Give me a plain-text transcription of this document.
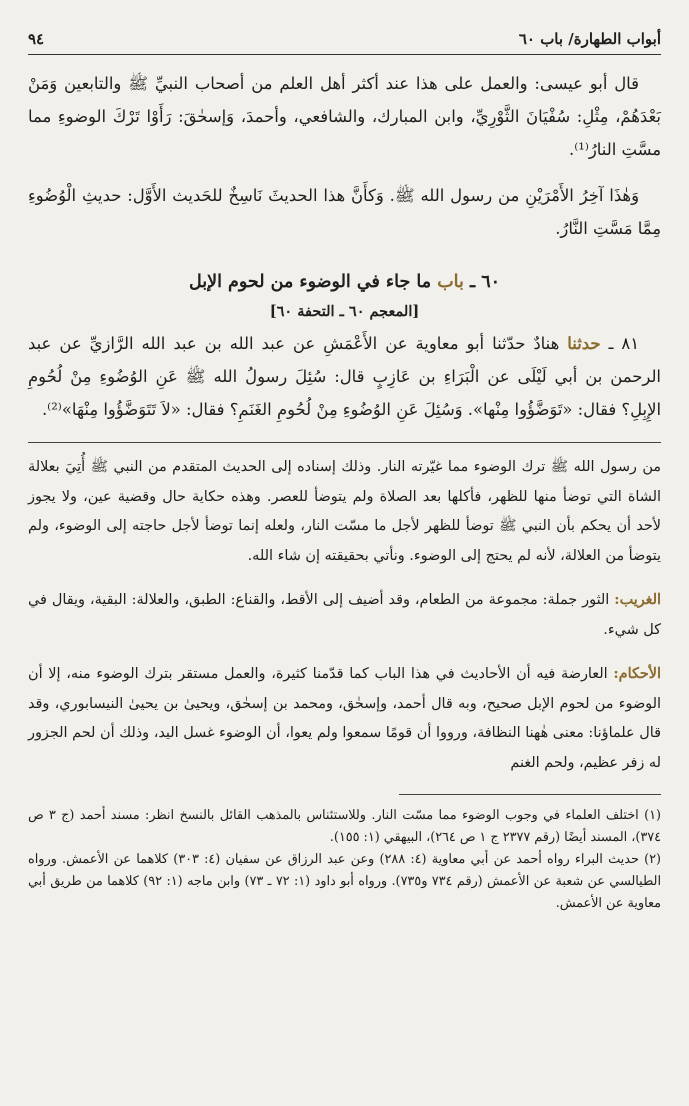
٩٤	أبواب الطهارة/ باب ٦٠

قال أبو عيسى: والعمل على هذا عند أكثر أهل العلم من أصحاب النبيِّ ﷺ والتابعين وَمَنْ بَعْدَهُمْ، مِثْلِ: سُفْيَانَ الثَّوْرِيِّ، وابن المبارك، والشافعي، وأحمدَ، وَإسحٰقَ: رَأَوْا تَرْكَ الوضوءِ مما مسَّتِ النارُ⁽¹⁾.

وَهٰذَا آخِرُ الأَمْرَيْنِ من رسول الله ﷺ. وَكأَنَّ هذا الحديثَ نَاسِخٌ للحَديث الأَوَّل: حديثِ الْوُضُوءِ مِمَّا مَسَّتِ النَّارُ.

٦٠ ـ باب ما جاء في الوضوء من لحوم الإبل
[المعجم ٦٠ ـ التحفة ٦٠]

٨١ ـ حدثنا هنادٌ حدّثنا أبو معاوية عن الأَعْمَشِ عن عبد الله بن عبد الله الرَّازيِّ عن عبد الرحمن بن أبي لَيْلَى عن الْبَرَاءِ بن عَازِبٍ قال: سُئِلَ رسولُ الله ﷺ عَنِ الوُضُوءِ مِنْ لُحُومِ الإِبِلِ؟ فقال: «تَوَضَّؤُوا مِنْها». وَسُئِلَ عَنِ الوُضُوءِ مِنْ لُحُومِ الغَنَمِ؟ فقال: «لاَ تَتَوَضَّؤُوا مِنْهَا»⁽²⁾.

من رسول الله ﷺ ترك الوضوء مما غيّرته النار. وذلك إسناده إلى الحديث المتقدم من النبي ﷺ أُتِيَ بعلالة الشاة التي توضأ منها للظهر، فأكلها بعد الصلاة ولم يتوضأ للعصر. وهذه حكاية حال وقضية عين، ولا يجوز لأحد أن يحكم بأن النبي ﷺ توضأ للظهر لأجل ما مسّت النار، ولعله إنما توضأ لأجل حاجته إلى الوضوء، ولم يتوضأ من العلالة، لأنه لم يحتج إلى الوضوء. ونأتي بحقيقته إن شاء الله.

الغريب: الثور جملة: مجموعة من الطعام، وقد أضيف إلى الأقط، والقناع: الطبق، والعلالة: البقية، ويقال في كل شيء.

الأحكام: العارضة فيه أن الأحاديث في هذا الباب كما قدّمنا كثيرة، والعمل مستقر بترك الوضوء منه، إلا أن الوضوء من لحوم الإبل صحيح، وبه قال أحمد، وإسحٰق، ومحمد بن إسحٰق، ويحيىٰ بن يحيىٰ النيسابوري، وقد قال علماؤنا: معنى هٰهنا النظافة، ورووا أن قومًا سمعوا ولم يعوا، أن الوضوء غسل اليد، وذلك أن لحم الجزور له زفر عظيم، ولحم الغنم

(١) اختلف العلماء في وجوب الوضوء مما مسّت النار. وللاستئناس بالمذهب القائل بالنسخ انظر: مسند أحمد (ج ٣ ص ٣٧٤)، المسند أيضًا (رقم ٢٣٧٧ ج ١ ص ٢٦٤)، البيهقي (١: ١٥٥).

(٢) حديث البراء رواه أحمد عن أبي معاوية (٤: ٢٨٨) وعن عبد الرزاق عن سفيان (٤: ٣٠٣) كلاهما عن الأعمش. ورواه الطيالسي عن شعبة عن الأعمش (رقم ٧٣٤ و٧٣٥). ورواه أبو داود (١: ٧٢ ـ ٧٣) وابن ماجه (١: ٩٢) كلاهما من طريق أبي معاوية عن الأعمش.
